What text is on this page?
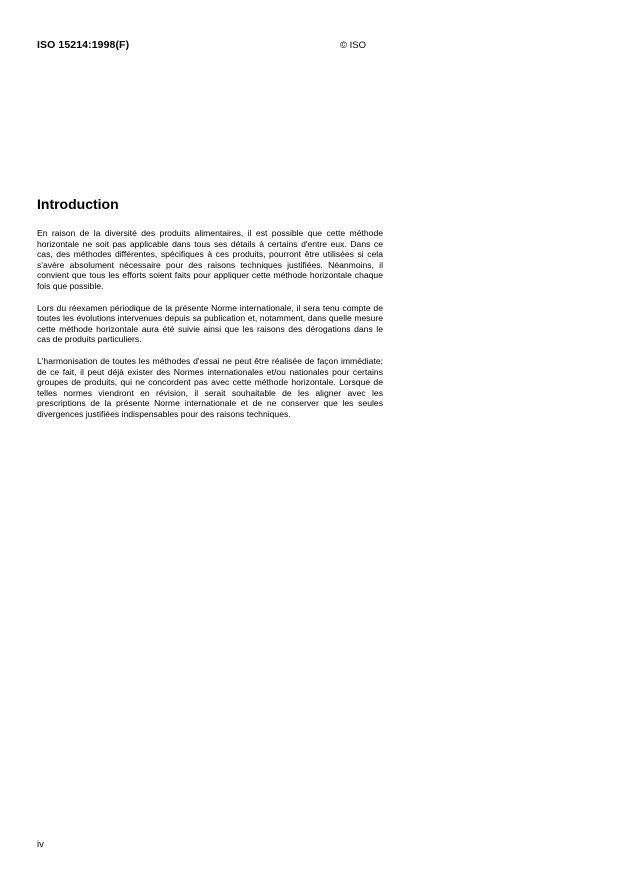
ISO 15214:1998(F)	© ISO
Introduction

En raison de la diversité des produits alimentaires, il est possible que cette méthode horizontale ne soit pas applicable dans tous ses détails à certains d'entre eux. Dans ce cas, des méthodes différentes, spécifiques à ces produits, pourront être utilisées si cela s'avère absolument nécessaire pour des raisons techniques justifiées. Néanmoins, il convient que tous les efforts soient faits pour appliquer cette méthode horizontale chaque fois que possible.

Lors du réexamen périodique de la présente Norme internationale, il sera tenu compte de toutes les évolutions intervenues depuis sa publication et, notamment, dans quelle mesure cette méthode horizontale aura été suivie ainsi que les raisons des dérogations dans le cas de produits particuliers.

L'harmonisation de toutes les méthodes d'essai ne peut être réalisée de façon immédiate; de ce fait, il peut déjà exister des Normes internationales et/ou nationales pour certains groupes de produits, qui ne concordent pas avec cette méthode horizontale. Lorsque de telles normes viendront en révision, il serait souhaitable de les aligner avec les prescriptions de la présente Norme internationale et de ne conserver que les seules divergences justifiées indispensables pour des raisons techniques.

iv
